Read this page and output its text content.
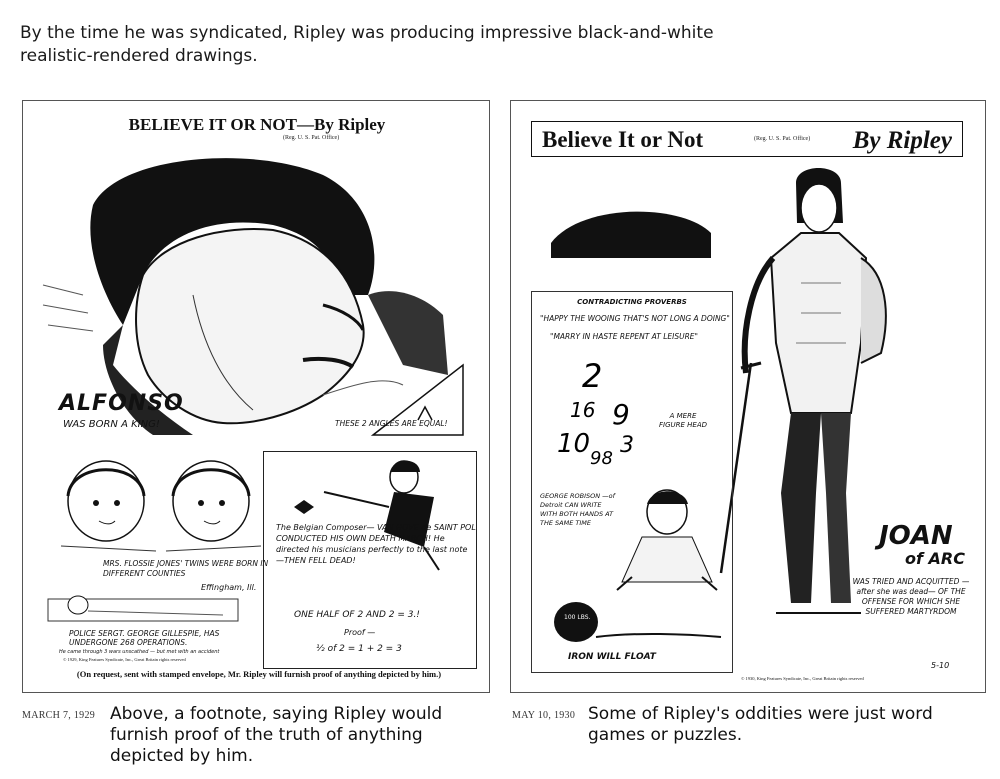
By the time he was syndicated, Ripley was producing impressive black-and-white realistic-rendered drawings.
BELIEVE IT OR NOT—By Ripley
(Reg. U. S. Pat. Office)
ALFONSO
WAS BORN A KING!	THESE 2 ANGLES ARE EQUAL!
MRS. FLOSSIE JONES' TWINS WERE BORN IN DIFFERENT COUNTIES
Effingham, Ill.
POLICE SERGT. GEORGE GILLESPIE, HAS UNDERGONE 268 OPERATIONS.
He came through 3 wars unscathed — but met with an accident
© 1929, King Features Syndicate, Inc., Great Britain rights reserved
The Belgian Composer— VAN HOVE de SAINT POL CONDUCTED HIS OWN DEATH MARCH! He directed his musicians perfectly to the last note —THEN FELL DEAD!
ONE HALF OF 2 AND 2 = 3.!
Proof —
½ of 2 = 1 + 2 = 3
(On request, sent with stamped envelope, Mr. Ripley will furnish proof of anything depicted by him.)
Believe It or Not	(Reg. U. S. Pat. Office) By Ripley
CONTRADICTING PROVERBS
"HAPPY THE WOOING THAT'S NOT LONG A DOING"
"MARRY IN HASTE REPENT AT LEISURE"
2
16 9
10 3
98
A MERE FIGURE HEAD
GEORGE ROBISON —of Detroit CAN WRITE WITH BOTH HANDS AT THE SAME TIME
100 LBS.
IRON WILL FLOAT
JOAN
of ARC
WAS TRIED AND ACQUITTED —after she was dead— OF THE OFFENSE FOR WHICH SHE SUFFERED MARTYRDOM
5-10
© 1930, King Features Syndicate, Inc., Great Britain rights reserved
MARCH 7, 1929 Above, a footnote, saying Ripley would furnish proof of the truth of anything depicted by him.
MAY 10, 1930 Some of Ripley's oddities were just word games or puzzles.
